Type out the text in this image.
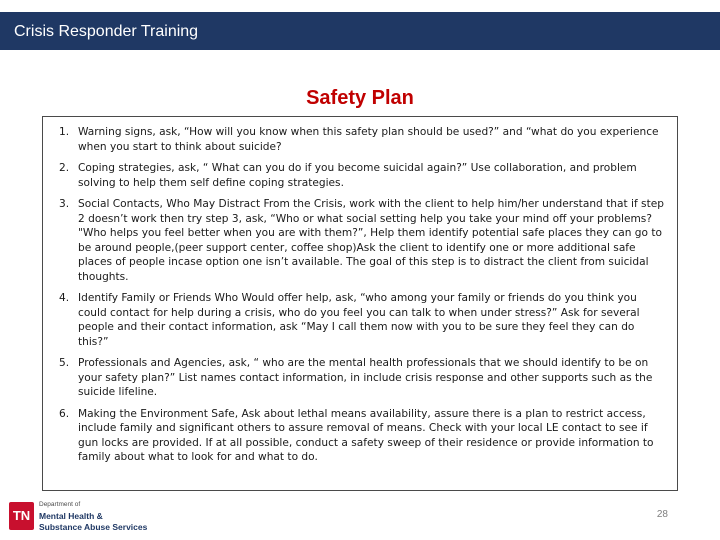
Crisis Responder Training
Safety Plan
1. Warning signs, ask, “How will you know when this safety plan should be used?” and “what do you experience when you start to think about suicide?
2. Coping strategies, ask, “ What can you do if you become suicidal again?” Use collaboration, and problem solving to help them self define coping strategies.
3. Social Contacts, Who May Distract From the Crisis, work with the client to help him/her understand that if step 2 doesn’t work then try step 3, ask, “Who or what social setting help you take your mind off your problems? "Who helps you feel better when you are with them?”, Help them identify potential safe places they can go to be around people,(peer support center, coffee shop)Ask the client to identify one or more additional safe places of people incase option one isn’t available. The goal of this step is to distract the client from suicidal thoughts.
4. Identify Family or Friends Who Would offer help, ask, “who among your family or friends do you think you could contact for help during a crisis, who do you feel you can talk to when under stress?” Ask for several people and their contact information, ask “May I call them now with you to be sure they feel they can do this?”
5. Professionals and Agencies, ask, “ who are the mental health professionals that we should identify to be on your safety plan?” List names contact information, in include crisis response and other supports such as the suicide lifeline.
6. Making the Environment Safe, Ask about lethal means availability, assure there is a plan to restrict access, include family and significant others to assure removal of means. Check with your local LE contact to see if gun locks are provided. If at all possible, conduct a safety sweep of their residence or provide information to family about what to look for and what to do.
TN
Department of
Mental Health &
Substance Abuse Services
28
